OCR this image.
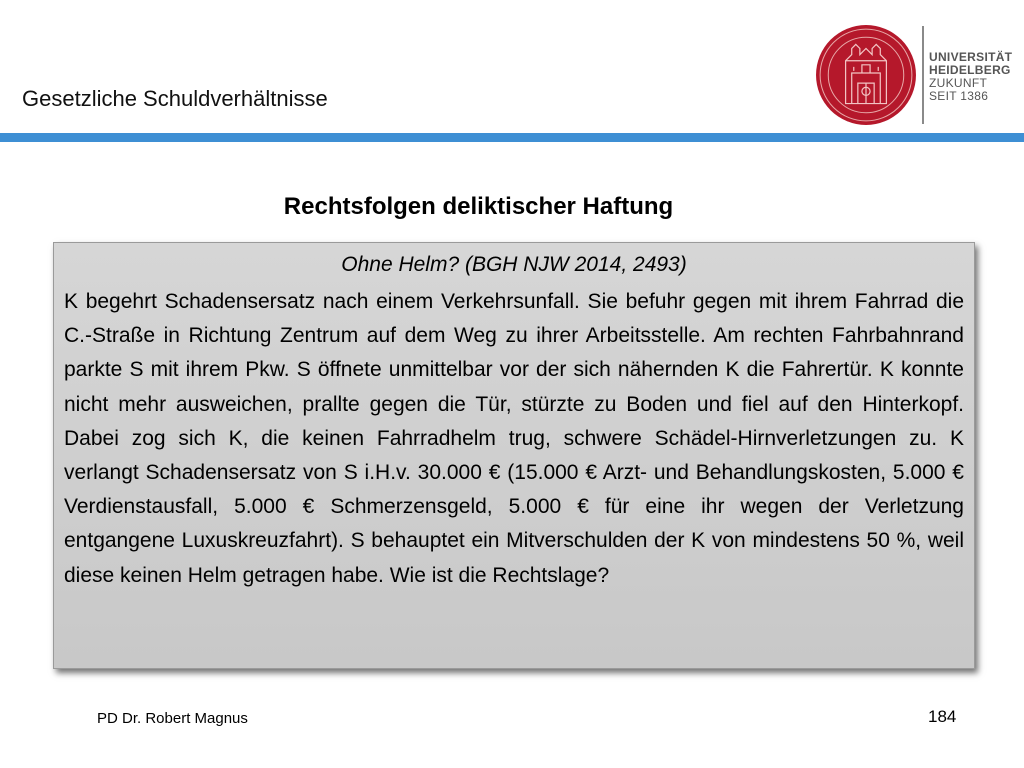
Gesetzliche Schuldverhältnisse
UNIVERSITÄT
HEIDELBERG
ZUKUNFT
SEIT 1386
Rechtsfolgen deliktischer Haftung

Ohne Helm? (BGH NJW 2014, 2493)

K begehrt Schadensersatz nach einem Verkehrsunfall. Sie befuhr gegen mit ihrem Fahrrad die C.-Straße in Richtung Zentrum auf dem Weg zu ihrer Arbeitsstelle. Am rechten Fahrbahnrand parkte S mit ihrem Pkw. S öffnete unmittelbar vor der sich nähernden K die Fahrertür. K konnte nicht mehr ausweichen, prallte gegen die Tür, stürzte zu Boden und fiel auf den Hinterkopf. Dabei zog sich K, die keinen Fahrradhelm trug, schwere Schädel-Hirnverletzungen zu. K verlangt Schadensersatz von S i.H.v. 30.000 € (15.000 € Arzt- und Behandlungskosten, 5.000 € Verdienstausfall, 5.000 € Schmerzensgeld, 5.000 € für eine ihr wegen der Verletzung entgangene Luxuskreuzfahrt). S behauptet ein Mitverschulden der K von mindestens 50 %, weil diese keinen Helm getragen habe. Wie ist die Rechtslage?

PD Dr. Robert Magnus	184
